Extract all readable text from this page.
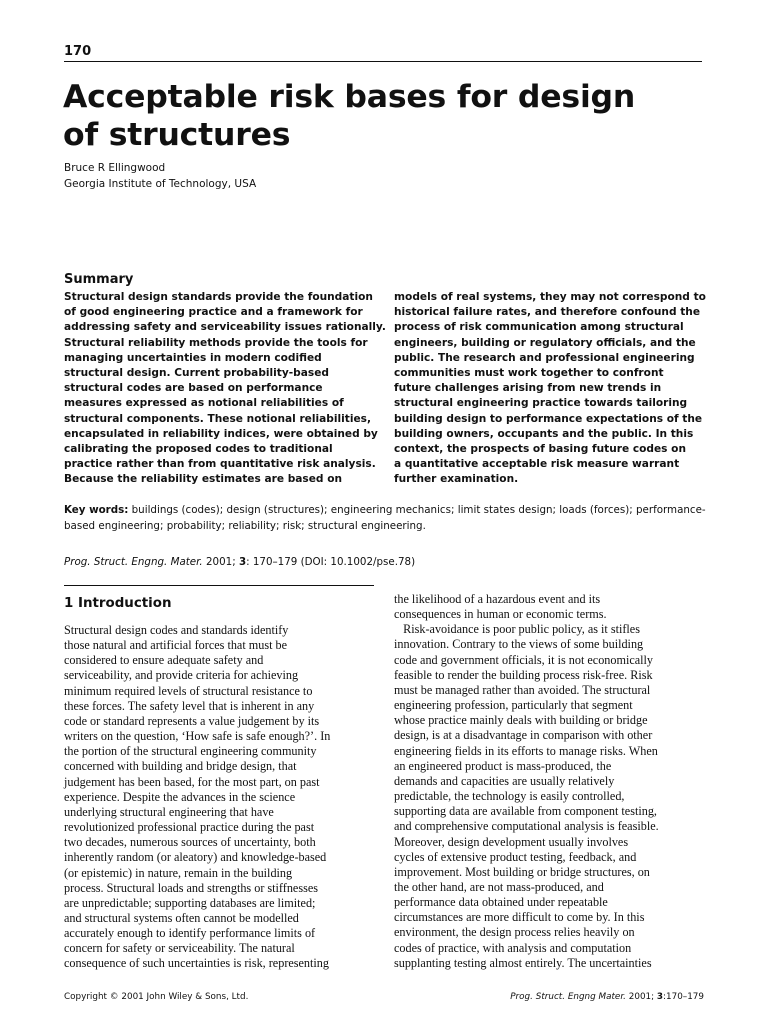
170
Acceptable risk bases for design
of structures
Bruce R Ellingwood
Georgia Institute of Technology, USA
Summary
Structural design standards provide the foundation
of good engineering practice and a framework for
addressing safety and serviceability issues rationally.
Structural reliability methods provide the tools for
managing uncertainties in modern codified
structural design. Current probability-based
structural codes are based on performance
measures expressed as notional reliabilities of
structural components. These notional reliabilities,
encapsulated in reliability indices, were obtained by
calibrating the proposed codes to traditional
practice rather than from quantitative risk analysis.
Because the reliability estimates are based on
models of real systems, they may not correspond to
historical failure rates, and therefore confound the
process of risk communication among structural
engineers, building or regulatory officials, and the
public. The research and professional engineering
communities must work together to confront
future challenges arising from new trends in
structural engineering practice towards tailoring
building design to performance expectations of the
building owners, occupants and the public. In this
context, the prospects of basing future codes on
a quantitative acceptable risk measure warrant
further examination.
Key words: buildings (codes); design (structures); engineering mechanics; limit states design; loads (forces); performance-
based engineering; probability; reliability; risk; structural engineering.
Prog. Struct. Engng. Mater. 2001; 3: 170–179 (DOI: 10.1002/pse.78)
1 Introduction
Structural design codes and standards identify
those natural and artificial forces that must be
considered to ensure adequate safety and
serviceability, and provide criteria for achieving
minimum required levels of structural resistance to
these forces. The safety level that is inherent in any
code or standard represents a value judgement by its
writers on the question, ‘How safe is safe enough?’. In
the portion of the structural engineering community
concerned with building and bridge design, that
judgement has been based, for the most part, on past
experience. Despite the advances in the science
underlying structural engineering that have
revolutionized professional practice during the past
two decades, numerous sources of uncertainty, both
inherently random (or aleatory) and knowledge-based
(or epistemic) in nature, remain in the building
process. Structural loads and strengths or stiffnesses
are unpredictable; supporting databases are limited;
and structural systems often cannot be modelled
accurately enough to identify performance limits of
concern for safety or serviceability. The natural
consequence of such uncertainties is risk, representing
the likelihood of a hazardous event and its
consequences in human or economic terms.
Risk-avoidance is poor public policy, as it stifles
innovation. Contrary to the views of some building
code and government officials, it is not economically
feasible to render the building process risk-free. Risk
must be managed rather than avoided. The structural
engineering profession, particularly that segment
whose practice mainly deals with building or bridge
design, is at a disadvantage in comparison with other
engineering fields in its efforts to manage risks. When
an engineered product is mass-produced, the
demands and capacities are usually relatively
predictable, the technology is easily controlled,
supporting data are available from component testing,
and comprehensive computational analysis is feasible.
Moreover, design development usually involves
cycles of extensive product testing, feedback, and
improvement. Most building or bridge structures, on
the other hand, are not mass-produced, and
performance data obtained under repeatable
circumstances are more difficult to come by. In this
environment, the design process relies heavily on
codes of practice, with analysis and computation
supplanting testing almost entirely. The uncertainties
Copyright © 2001 John Wiley & Sons, Ltd.	Prog. Struct. Engng Mater. 2001; 3:170–179
